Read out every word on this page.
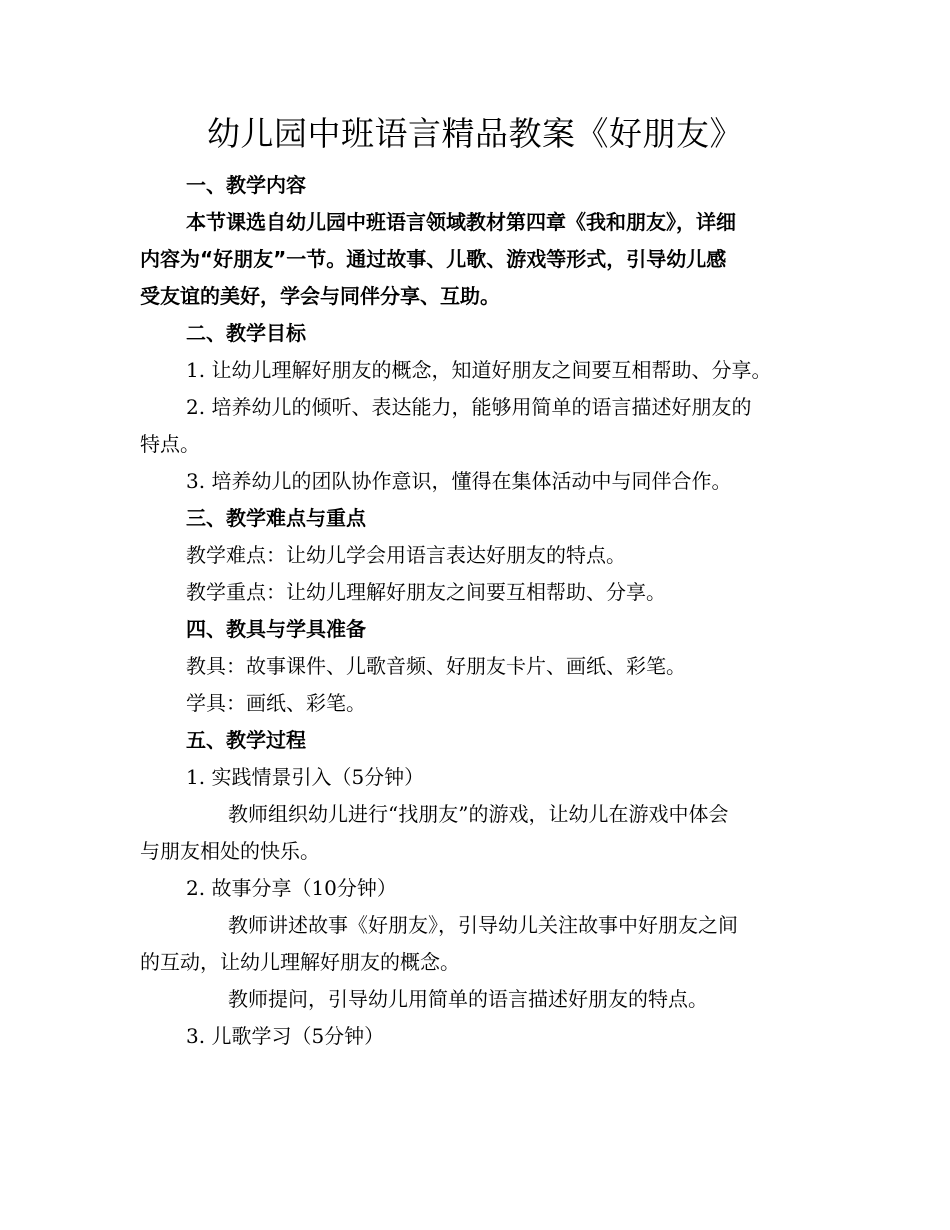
幼儿园中班语言精品教案《好朋友》
一、教学内容
本节课选自幼儿园中班语言领域教材第四章《我和朋友》，详细
内容为“好朋友”一节。通过故事、儿歌、游戏等形式，引导幼儿感
受友谊的美好，学会与同伴分享、互助。
二、教学目标
1. 让幼儿理解好朋友的概念，知道好朋友之间要互相帮助、分享。
2. 培养幼儿的倾听、表达能力，能够用简单的语言描述好朋友的
特点。
3. 培养幼儿的团队协作意识，懂得在集体活动中与同伴合作。
三、教学难点与重点
教学难点：让幼儿学会用语言表达好朋友的特点。
教学重点：让幼儿理解好朋友之间要互相帮助、分享。
四、教具与学具准备
教具：故事课件、儿歌音频、好朋友卡片、画纸、彩笔。
学具：画纸、彩笔。
五、教学过程
1. 实践情景引入（5分钟）
教师组织幼儿进行“找朋友”的游戏，让幼儿在游戏中体会
与朋友相处的快乐。
2. 故事分享（10分钟）
教师讲述故事《好朋友》，引导幼儿关注故事中好朋友之间
的互动，让幼儿理解好朋友的概念。
教师提问，引导幼儿用简单的语言描述好朋友的特点。
3. 儿歌学习（5分钟）
